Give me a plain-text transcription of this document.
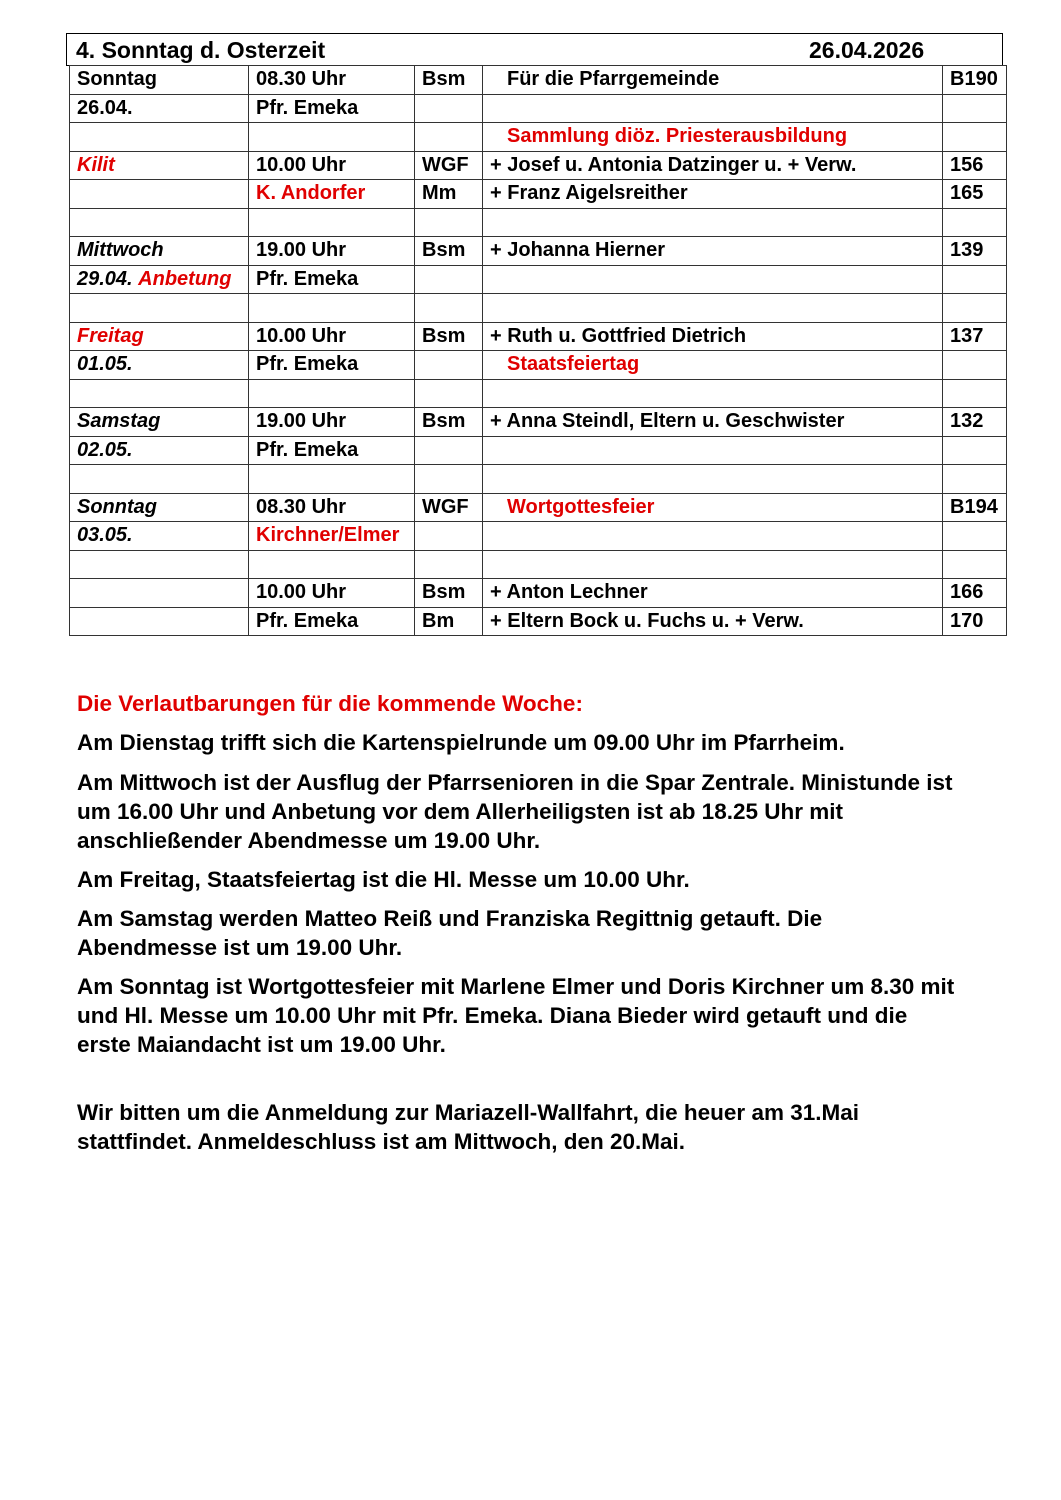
4. Sonntag d. Osterzeit	26.04.2026
Sonntag	08.30 Uhr	Bsm	Für die Pfarrgemeinde	B190
26.04.	Pfr. Emeka			
			Sammlung diöz. Priesterausbildung	
Kilit	10.00 Uhr	WGF	+ Josef u. Antonia Datzinger u. + Verw.	156
	K. Andorfer	Mm	+ Franz Aigelsreither	165

Mittwoch	19.00 Uhr	Bsm	+ Johanna Hierner	139
29.04. Anbetung	Pfr. Emeka			

Freitag	10.00 Uhr	Bsm	+ Ruth u. Gottfried Dietrich	137
01.05.	Pfr. Emeka		Staatsfeiertag	

Samstag	19.00 Uhr	Bsm	+ Anna Steindl, Eltern u. Geschwister	132
02.05.	Pfr. Emeka			

Sonntag	08.30 Uhr	WGF	Wortgottesfeier	B194
03.05.	Kirchner/Elmer			

	10.00 Uhr	Bsm	+ Anton Lechner	166
	Pfr. Emeka	Bm	+ Eltern Bock u. Fuchs u. + Verw.	170
Die Verlautbarungen für die kommende Woche:
Am Dienstag trifft sich die Kartenspielrunde um 09.00 Uhr im Pfarrheim.
Am Mittwoch ist der Ausflug der Pfarrsenioren in die Spar Zentrale. Ministunde ist um 16.00 Uhr und Anbetung vor dem Allerheiligsten ist ab 18.25 Uhr mit anschließender Abendmesse um 19.00 Uhr.
Am Freitag, Staatsfeiertag ist die Hl. Messe um 10.00 Uhr.
Am Samstag werden Matteo Reiß und Franziska Regittnig getauft. Die Abendmesse ist um 19.00 Uhr.
Am Sonntag ist Wortgottesfeier mit Marlene Elmer und Doris Kirchner um 8.30 mit und Hl. Messe um 10.00 Uhr mit Pfr. Emeka. Diana Bieder wird getauft und die erste Maiandacht ist um 19.00 Uhr.
Wir bitten um die Anmeldung zur Mariazell-Wallfahrt, die heuer am 31.Mai stattfindet. Anmeldeschluss ist am Mittwoch, den 20.Mai.
